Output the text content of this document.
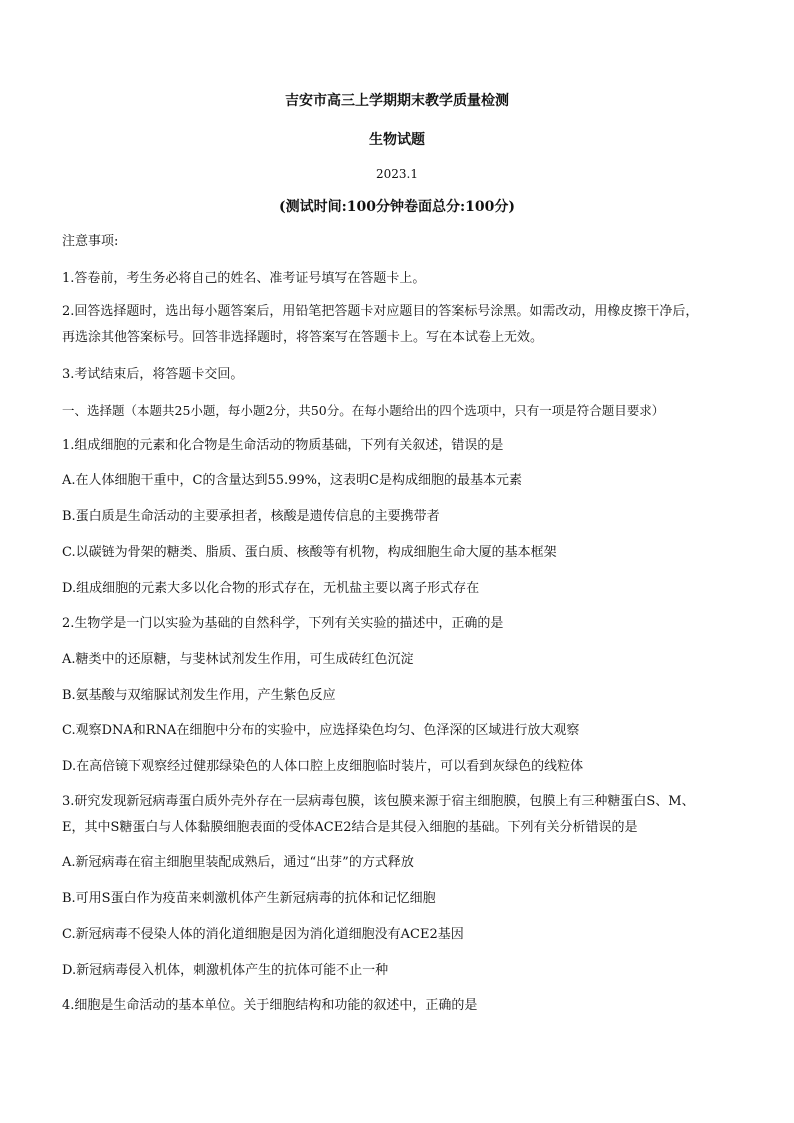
吉安市高三上学期期末教学质量检测
生物试题
2023.1
(测试时间:100分钟卷面总分:100分)
注意事项:
1.答卷前，考生务必将自己的姓名、准考证号填写在答题卡上。
2.回答选择题时，选出每小题答案后，用铅笔把答题卡对应题目的答案标号涂黑。如需改动，用橡皮擦干净后，
再选涂其他答案标号。回答非选择题时，将答案写在答题卡上。写在本试卷上无效。
3.考试结束后，将答题卡交回。
一、选择题（本题共25小题，每小题2分，共50分。在每小题给出的四个选项中，只有一项是符合题目要求）
1.组成细胞的元素和化合物是生命活动的物质基础，下列有关叙述，错误的是
A.在人体细胞干重中，C的含量达到55.99%，这表明C是构成细胞的最基本元素
B.蛋白质是生命活动的主要承担者，核酸是遗传信息的主要携带者
C.以碳链为骨架的糖类、脂质、蛋白质、核酸等有机物，构成细胞生命大厦的基本框架
D.组成细胞的元素大多以化合物的形式存在，无机盐主要以离子形式存在
2.生物学是一门以实验为基础的自然科学，下列有关实验的描述中，正确的是
A.糖类中的还原糖，与斐林试剂发生作用，可生成砖红色沉淀
B.氨基酸与双缩脲试剂发生作用，产生紫色反应
C.观察DNA和RNA在细胞中分布的实验中，应选择染色均匀、色泽深的区域进行放大观察
D.在高倍镜下观察经过健那绿染色的人体口腔上皮细胞临时装片，可以看到灰绿色的线粒体
3.研究发现新冠病毒蛋白质外壳外存在一层病毒包膜，该包膜来源于宿主细胞膜，包膜上有三种糖蛋白S、M、
E，其中S糖蛋白与人体黏膜细胞表面的受体ACE2结合是其侵入细胞的基础。下列有关分析错误的是
A.新冠病毒在宿主细胞里装配成熟后，通过“出芽”的方式释放
B.可用S蛋白作为疫苗来刺激机体产生新冠病毒的抗体和记忆细胞
C.新冠病毒不侵染人体的消化道细胞是因为消化道细胞没有ACE2基因
D.新冠病毒侵入机体，刺激机体产生的抗体可能不止一种
4.细胞是生命活动的基本单位。关于细胞结构和功能的叙述中，正确的是
